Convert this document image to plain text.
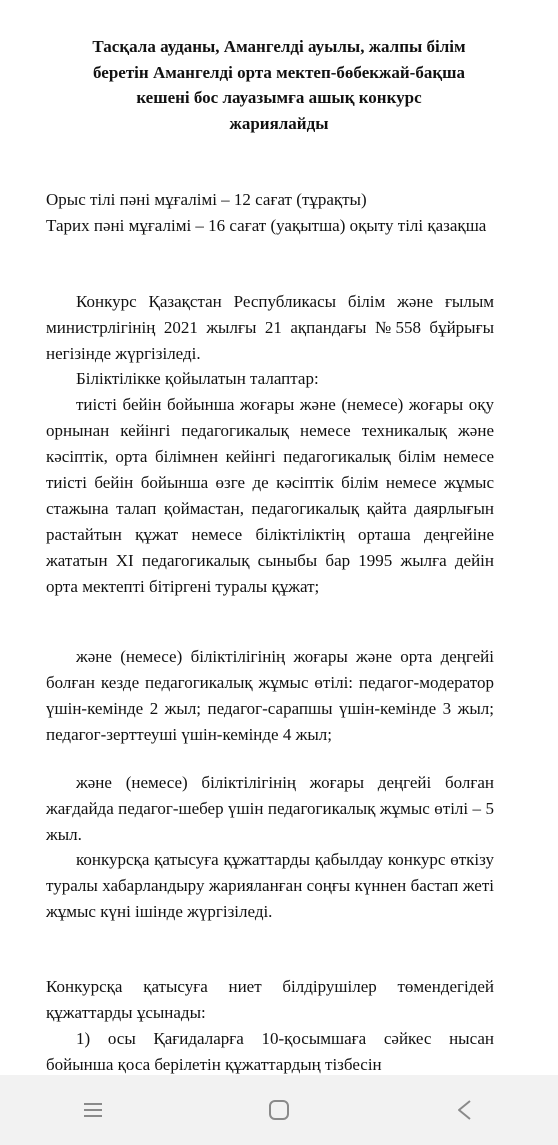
Тасқала ауданы, Амангелді ауылы, жалпы білім
беретін Амангелді орта мектеп-бөбекжай-бақша
кешені бос лауазымға ашық конкурс
жариялайды
Орыс тілі пәні мұғалімі – 12 сағат (тұрақты)
Тарих пәні мұғалімі – 16 сағат (уақытша) оқыту тілі қазақша
Конкурс Қазақстан Республикасы білім және ғылым министрлігінің 2021 жылғы 21 ақпандағы №558 бұйрығы негізінде жүргізіледі.
Біліктілікке қойылатын талаптар:
тиісті бейін бойынша жоғары және (немесе) жоғары оқу орнынан кейінгі педагогикалық немесе техникалық және кәсіптік, орта білімнен кейінгі педагогикалық білім немесе тиісті бейін бойынша өзге де кәсіптік білім немесе жұмыс стажына талап қоймастан, педагогикалық қайта даярлығын растайтын құжат немесе біліктіліктің орташа деңгейіне жататын XI педагогикалық сыныбы бар 1995 жылға дейін орта мектепті бітіргені туралы құжат;
және (немесе) біліктілігінің жоғары және орта деңгейі болған кезде педагогикалық жұмыс өтілі: педагог-модератор үшін-кемінде 2 жыл; педагог-сарапшы үшін-кемінде 3 жыл; педагог-зерттеуші үшін-кемінде 4 жыл;
және (немесе) біліктілігінің жоғары деңгейі болған жағдайда педагог-шебер үшін педагогикалық жұмыс өтілі – 5 жыл.
конкурсқа қатысуға құжаттарды қабылдау конкурс өткізу туралы хабарландыру жарияланған соңғы күннен бастап жеті жұмыс күні ішінде жүргізіледі.
Конкурсқа қатысуға ниет білдірушілер төмендегідей құжаттарды ұсынады:
1) осы Қағидаларға 10-қосымшаға сәйкес нысан бойынша қоса берілетін құжаттардың тізбесін
